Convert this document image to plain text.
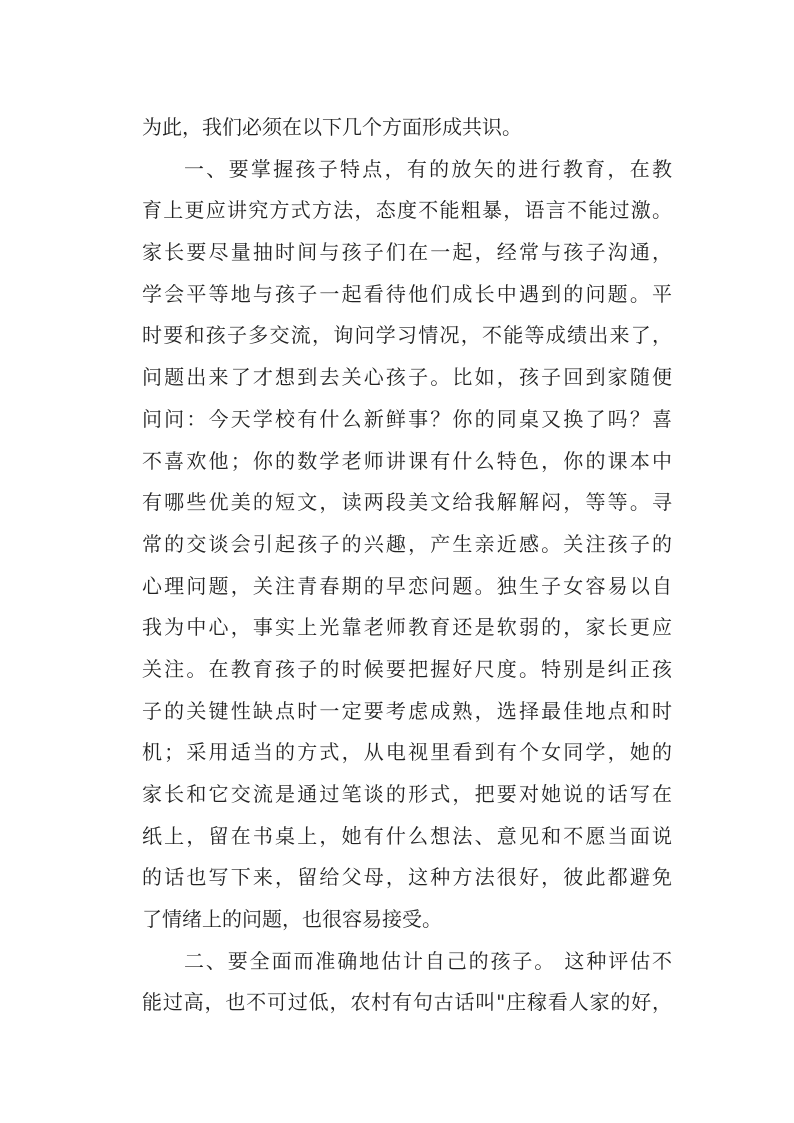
为此，我们必须在以下几个方面形成共识。
一、要掌握孩子特点，有的放矢的进行教育，在教
育上更应讲究方式方法，态度不能粗暴，语言不能过激。
家长要尽量抽时间与孩子们在一起，经常与孩子沟通，
学会平等地与孩子一起看待他们成长中遇到的问题。平
时要和孩子多交流，询问学习情况，不能等成绩出来了，
问题出来了才想到去关心孩子。比如，孩子回到家随便
问问：今天学校有什么新鲜事？你的同桌又换了吗？喜
不喜欢他；你的数学老师讲课有什么特色，你的课本中
有哪些优美的短文，读两段美文给我解解闷，等等。寻
常的交谈会引起孩子的兴趣，产生亲近感。关注孩子的
心理问题，关注青春期的早恋问题。独生子女容易以自
我为中心，事实上光靠老师教育还是软弱的，家长更应
关注。在教育孩子的时候要把握好尺度。特别是纠正孩
子的关键性缺点时一定要考虑成熟，选择最佳地点和时
机；采用适当的方式，从电视里看到有个女同学，她的
家长和它交流是通过笔谈的形式，把要对她说的话写在
纸上，留在书桌上，她有什么想法、意见和不愿当面说
的话也写下来，留给父母，这种方法很好，彼此都避免
了情绪上的问题，也很容易接受。
二、要全面而准确地估计自己的孩子。 这种评估不
能过高，也不可过低，农村有句古话叫"庄稼看人家的好，
